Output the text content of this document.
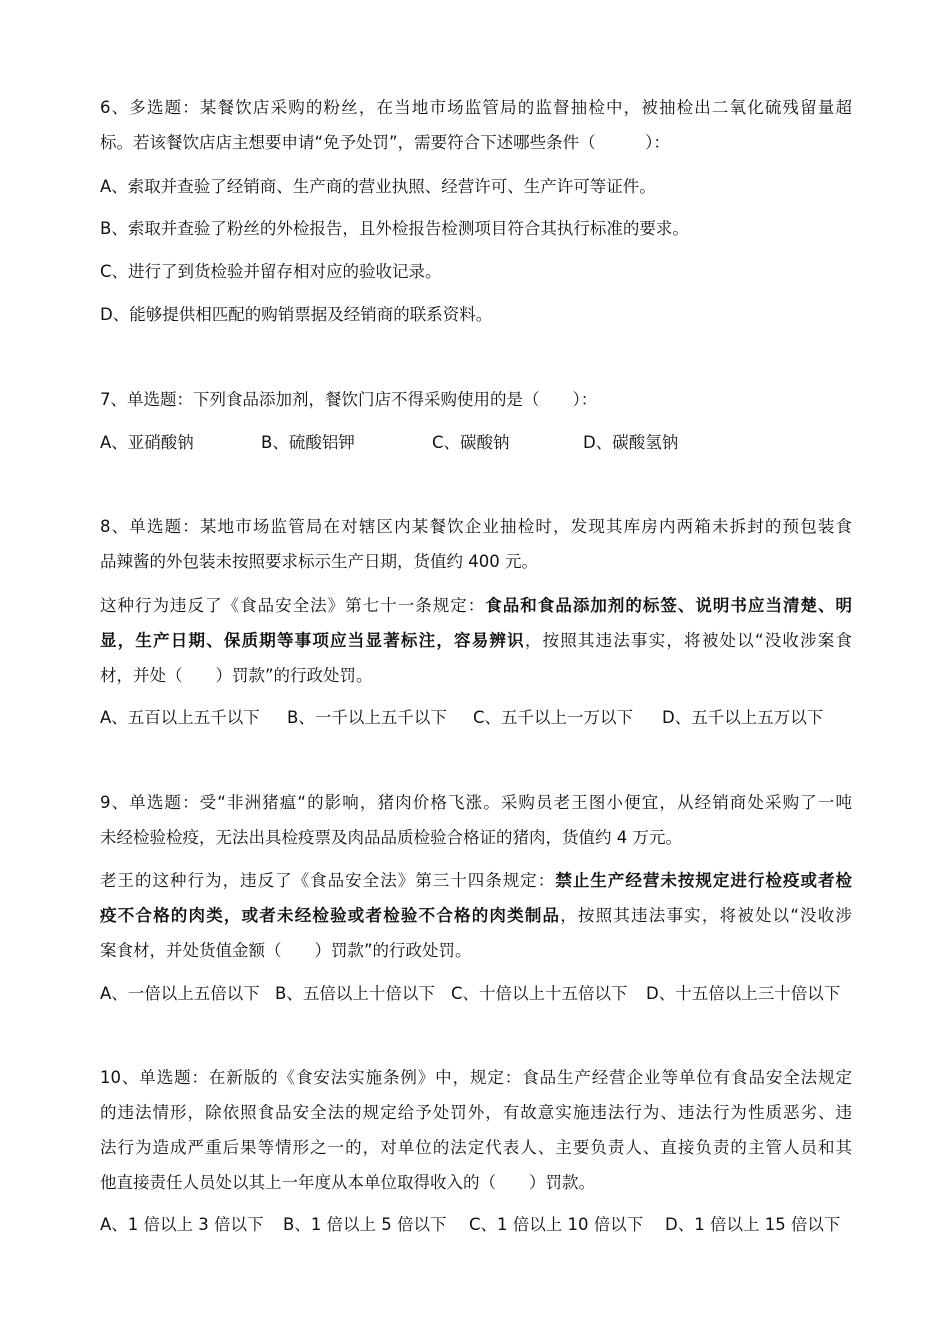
6、多选题：某餐饮店采购的粉丝，在当地市场监管局的监督抽检中，被抽检出二氧化硫残留量超
标。若该餐饮店店主想要申请“免予处罚”，需要符合下述哪些条件（　　　）：
A、索取并查验了经销商、生产商的营业执照、经营许可、生产许可等证件。
B、索取并查验了粉丝的外检报告，且外检报告检测项目符合其执行标准的要求。
C、进行了到货检验并留存相对应的验收记录。
D、能够提供相匹配的购销票据及经销商的联系资料。
7、单选题：下列食品添加剂，餐饮门店不得采购使用的是（　　）：
A、亚硝酸钠	B、硫酸铝钾	C、碳酸钠	D、碳酸氢钠
8、单选题：某地市场监管局在对辖区内某餐饮企业抽检时，发现其库房内两箱未拆封的预包装食
品辣酱的外包装未按照要求标示生产日期，货值约 400 元。
这种行为违反了《食品安全法》第七十一条规定：食品和食品添加剂的标签、说明书应当清楚、明
显，生产日期、保质期等事项应当显著标注，容易辨识，按照其违法事实，将被处以“没收涉案食
材，并处（　　）罚款”的行政处罚。
A、五百以上五千以下 B、一千以上五千以下 C、五千以上一万以下 D、五千以上五万以下
9、单选题：受“非洲猪瘟“的影响，猪肉价格飞涨。采购员老王图小便宜，从经销商处采购了一吨
未经检验检疫，无法出具检疫票及肉品品质检验合格证的猪肉，货值约 4 万元。
老王的这种行为，违反了《食品安全法》第三十四条规定：禁止生产经营未按规定进行检疫或者检
疫不合格的肉类，或者未经检验或者检验不合格的肉类制品，按照其违法事实，将被处以“没收涉
案食材，并处货值金额（　　）罚款”的行政处罚。
A、一倍以上五倍以下 B、五倍以上十倍以下 C、十倍以上十五倍以下 D、十五倍以上三十倍以下
10、单选题：在新版的《食安法实施条例》中，规定：食品生产经营企业等单位有食品安全法规定
的违法情形，除依照食品安全法的规定给予处罚外，有故意实施违法行为、违法行为性质恶劣、违
法行为造成严重后果等情形之一的，对单位的法定代表人、主要负责人、直接负责的主管人员和其
他直接责任人员处以其上一年度从本单位取得收入的（　　）罚款。
A、1 倍以上 3 倍以下 B、1 倍以上 5 倍以下 C、1 倍以上 10 倍以下 D、1 倍以上 15 倍以下
